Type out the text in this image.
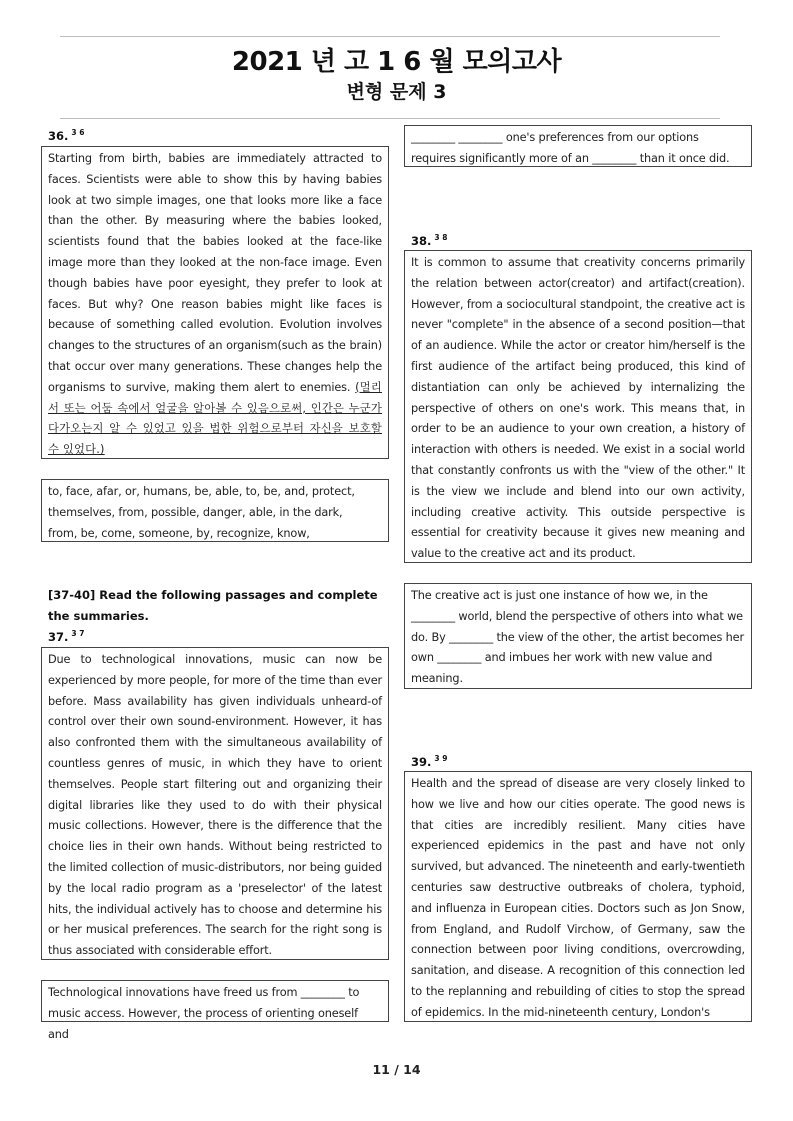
2021 년 고 1 6 월 모의고사
변형 문제 3
36. $^{3 6}$
Starting from birth, babies are immediately attracted to faces. Scientists were able to show this by having babies look at two simple images, one that looks more like a face than the other. By measuring where the babies looked, scientists found that the babies looked at the face-like image more than they looked at the non-face image. Even though babies have poor eyesight, they prefer to look at faces. But why? One reason babies might like faces is because of something called evolution. Evolution involves changes to the structures of an organism(such as the brain) that occur over many generations. These changes help the organisms to survive, making them alert to enemies. (멀리서 또는 어둠 속에서 얼굴을 알아볼 수 있음으로써, 인간은 누군가 다가오는지 알 수 있었고 있을 법한 위험으로부터 자신을 보호할 수 있었다.)

to, face, afar, or, humans, be, able, to, be, and, protect,

themselves, from, possible, danger, able, in the dark,

from, be, come, someone, by, recognize, know,

[37-40] Read the following passages and complete the summaries.
37. $^{3 7}$
Due to technological innovations, music can now be experienced by more people, for more of the time than ever before. Mass availability has given individuals unheard-of control over their own sound-environment. However, it has also confronted them with the simultaneous availability of countless genres of music, in which they have to orient themselves. People start filtering out and organizing their digital libraries like they used to do with their physical music collections. However, there is the difference that the choice lies in their own hands. Without being restricted to the limited collection of music-distributors, nor being guided by the local radio program as a 'preselector' of the latest hits, the individual actively has to choose and determine his or her musical preferences. The search for the right song is thus associated with considerable effort.
Technological innovations have freed us from ________ to music access. However, the process of orienting oneself and
________ ________ one's preferences from our options requires significantly more of an ________ than it once did.
38. $^{3 8}$
It is common to assume that creativity concerns primarily the relation between actor(creator) and artifact(creation). However, from a sociocultural standpoint, the creative act is never "complete" in the absence of a second position—that of an audience. While the actor or creator him/herself is the first audience of the artifact being produced, this kind of distantiation can only be achieved by internalizing the perspective of others on one's work. This means that, in order to be an audience to your own creation, a history of interaction with others is needed. We exist in a social world that constantly confronts us with the "view of the other." It is the view we include and blend into our own activity, including creative activity. This outside perspective is essential for creativity because it gives new meaning and value to the creative act and its product.
The creative act is just one instance of how we, in the ________ world, blend the perspective of others into what we do. By ________ the view of the other, the artist becomes her own ________ and imbues her work with new value and meaning.
39. $^{3 9}$
Health and the spread of disease are very closely linked to how we live and how our cities operate. The good news is that cities are incredibly resilient. Many cities have experienced epidemics in the past and have not only survived, but advanced. The nineteenth and early-twentieth centuries saw destructive outbreaks of cholera, typhoid, and influenza in European cities. Doctors such as Jon Snow, from England, and Rudolf Virchow, of Germany, saw the connection between poor living conditions, overcrowding, sanitation, and disease. A recognition of this connection led to the replanning and rebuilding of cities to stop the spread of epidemics. In the mid-nineteenth century, London's
11 / 14
